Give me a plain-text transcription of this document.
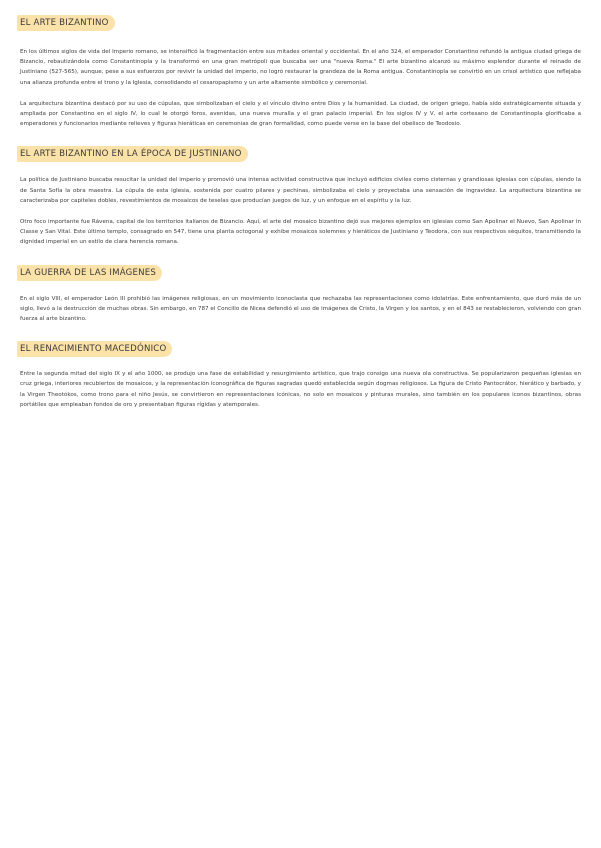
EL ARTE BIZANTINO

En los últimos siglos de vida del Imperio romano, se intensificó la fragmentación entre sus mitades oriental y occidental. En el año 324, el emperador Constantino refundó la antigua ciudad griega de Bizancio, rebautizándola como Constantinopla y la transformó en una gran metrópoli que buscaba ser una "nueva Roma." El arte bizantino alcanzó su máximo esplendor durante el reinado de Justiniano (527-565), aunque, pese a sus esfuerzos por revivir la unidad del imperio, no logró restaurar la grandeza de la Roma antigua. Constantinopla se convirtió en un crisol artístico que reflejaba una alianza profunda entre el trono y la Iglesia, consolidando el cesaropapismo y un arte altamente simbólico y ceremonial.

La arquitectura bizantina destacó por su uso de cúpulas, que simbolizaban el cielo y el vínculo divino entre Dios y la humanidad. La ciudad, de origen griego, había sido estratégicamente situada y ampliada por Constantino en el siglo IV, lo cual le otorgó foros, avenidas, una nueva muralla y el gran palacio imperial. En los siglos IV y V, el arte cortesano de Constantinopla glorificaba a emperadores y funcionarios mediante relieves y figuras hieráticas en ceremonias de gran formalidad, como puede verse en la base del obelisco de Teodosio.

EL ARTE BIZANTINO EN LA ÉPOCA DE JUSTINIANO

La política de Justiniano buscaba resucitar la unidad del imperio y promovió una intensa actividad constructiva que incluyó edificios civiles como cisternas y grandiosas iglesias con cúpulas, siendo la de Santa Sofía la obra maestra. La cúpula de esta iglesia, sostenida por cuatro pilares y pechinas, simbolizaba el cielo y proyectaba una sensación de ingravidez. La arquitectura bizantina se caracterizaba por capiteles dobles, revestimientos de mosaicos de teselas que producían juegos de luz, y un enfoque en el espíritu y la luz.

Otro foco importante fue Rávena, capital de los territorios italianos de Bizancio. Aquí, el arte del mosaico bizantino dejó sus mejores ejemplos en iglesias como San Apolinar el Nuevo, San Apolinar in Classe y San Vital. Este último templo, consagrado en 547, tiene una planta octogonal y exhibe mosaicos solemnes y hieráticos de Justiniano y Teodora, con sus respectivos séquitos, transmitiendo la dignidad imperial en un estilo de clara herencia romana.

LA GUERRA DE LAS IMÁGENES

En el siglo VIII, el emperador León III prohibió las imágenes religiosas, en un movimiento iconoclasta que rechazaba las representaciones como idolatrías. Este enfrentamiento, que duró más de un siglo, llevó a la destrucción de muchas obras. Sin embargo, en 787 el Concilio de Nicea defendió el uso de imágenes de Cristo, la Virgen y los santos, y en el 843 se restablecieron, volviendo con gran fuerza al arte bizantino.

EL RENACIMIENTO MACEDÓNICO

Entre la segunda mitad del siglo IX y el año 1000, se produjo una fase de estabilidad y resurgimiento artístico, que trajo consigo una nueva ola constructiva. Se popularizaron pequeñas iglesias en cruz griega, interiores recubiertos de mosaicos, y la representación iconográfica de figuras sagradas quedó establecida según dogmas religiosos. La figura de Cristo Pantocrátor, hierático y barbado, y la Virgen Theotókos, como trono para el niño Jesús, se convirtieron en representaciones icónicas, no solo en mosaicos y pinturas murales, sino también en los populares iconos bizantinos, obras portátiles que empleaban fondos de oro y presentaban figuras rígidas y atemporales.
